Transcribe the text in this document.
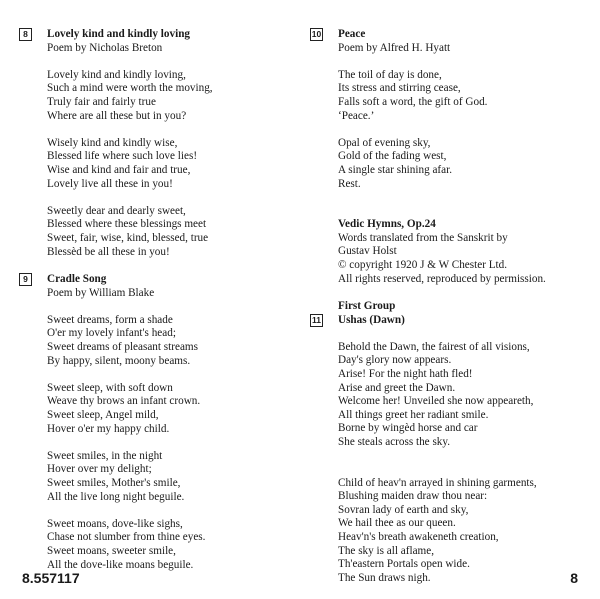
8	Lovely kind and kindly loving
Poem by Nicholas Breton
Lovely kind and kindly loving,
Such a mind were worth the moving,
Truly fair and fairly true
Where are all these but in you?
Wisely kind and kindly wise,
Blessed life where such love lies!
Wise and kind and fair and true,
Lovely live all these in you!
Sweetly dear and dearly sweet,
Blessed where these blessings meet
Sweet, fair, wise, kind, blessed, true
Blessèd be all these in you!
9	Cradle Song
Poem by William Blake
Sweet dreams, form a shade
O'er my lovely infant's head;
Sweet dreams of pleasant streams
By happy, silent, moony beams.
Sweet sleep, with soft down
Weave thy brows an infant crown.
Sweet sleep, Angel mild,
Hover o'er my happy child.
Sweet smiles, in the night
Hover over my delight;
Sweet smiles, Mother's smile,
All the live long night beguile.
Sweet moans, dove-like sighs,
Chase not slumber from thine eyes.
Sweet moans, sweeter smile,
All the dove-like moans beguile.
10 Peace
Poem by Alfred H. Hyatt
The toil of day is done,
Its stress and stirring cease,
Falls soft a word, the gift of God.
‘Peace.’
Opal of evening sky,
Gold of the fading west,
A single star shining afar.
Rest.
Vedic Hymns, Op.24
Words translated from the Sanskrit by
Gustav Holst
© copyright 1920 J & W Chester Ltd.
All rights reserved, reproduced by permission.
First Group
11 Ushas (Dawn)
Behold the Dawn, the fairest of all visions,
Day's glory now appears.
Arise! For the night hath fled!
Arise and greet the Dawn.
Welcome her! Unveiled she now appeareth,
All things greet her radiant smile.
Borne by wingèd horse and car
She steals across the sky.
Child of heav'n arrayed in shining garments,
Blushing maiden draw thou near:
Sovran lady of earth and sky,
We hail thee as our queen.
Heav'n's breath awakeneth creation,
The sky is all aflame,
Th'eastern Portals open wide.
The Sun draws nigh.
8.557117	8
